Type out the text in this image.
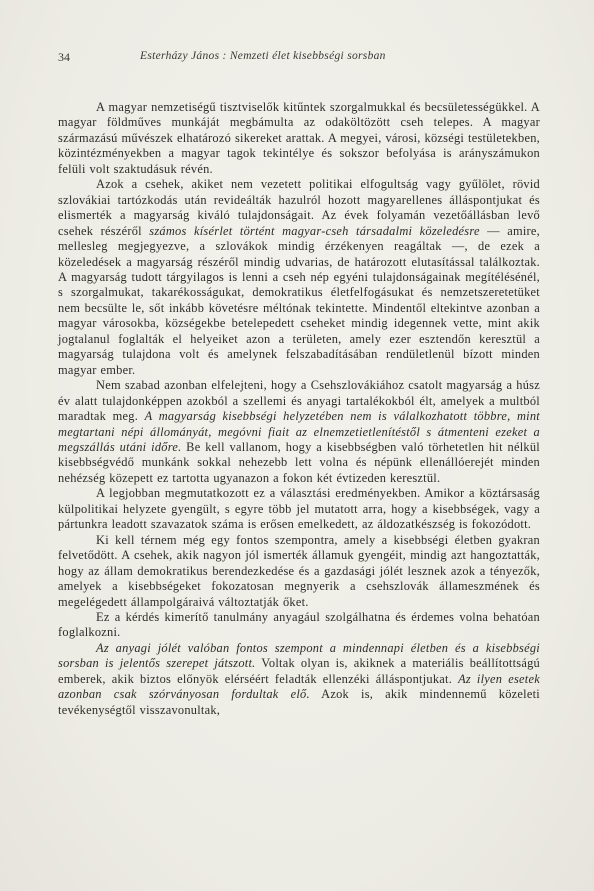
34	Esterházy János : Nemzeti élet kisebbségi sorsban

A magyar nemzetiségű tisztviselők kitűntek szorgalmukkal és becsületességükkel. A magyar földműves munkáját megbámulta az odaköltözött cseh telepes. A magyar származású művészek elhatározó sikereket arattak. A megyei, városi, községi testületekben, közintézményekben a magyar tagok tekintélye és sokszor befolyása is arányszámukon felüli volt szaktudásuk révén.

Azok a csehek, akiket nem vezetett politikai elfogultság vagy gyűlölet, rövid szlovákiai tartózkodás után revideálták hazulról hozott magyarellenes álláspontjukat és elismerték a magyarság kiváló tulajdonságait. Az évek folyamán vezetőállásban levő csehek részéről számos kísérlet történt magyar-cseh társadalmi közeledésre — amire, mellesleg megjegyezve, a szlovákok mindig érzékenyen reagáltak —, de ezek a közeledések a magyarság részéről mindig udvarias, de határozott elutasítással találkoztak. A magyarság tudott tárgyilagos is lenni a cseh nép egyéni tulajdonságainak megítélésénél, s szorgalmukat, takarékosságukat, demokratikus életfelfogásukat és nemzetszeretetüket nem becsülte le, sőt inkább követésre méltónak tekintette. Mindentől eltekintve azonban a magyar városokba, községekbe betelepedett cseheket mindig idegennek vette, mint akik jogtalanul foglalták el helyeiket azon a területen, amely ezer esztendőn keresztül a magyarság tulajdona volt és amelynek felszabadításában rendületlenül bízott minden magyar ember.

Nem szabad azonban elfelejteni, hogy a Csehszlovákiához csatolt magyarság a húsz év alatt tulajdonképpen azokból a szellemi és anyagi tartalékokból élt, amelyek a multból maradtak meg. A magyarság kisebbségi helyzetében nem is válalkozhatott többre, mint megtartani népi állományát, megóvni fiait az elnemzetietlenítéstől s átmenteni ezeket a megszállás utáni időre. Be kell vallanom, hogy a kisebbségben való törhetetlen hit nélkül kisebbségvédő munkánk sokkal nehezebb lett volna és népünk ellenállóerejét minden nehézség közepett ez tartotta ugyanazon a fokon két évtizeden keresztül.

A legjobban megmutatkozott ez a választási eredményekben. Amikor a köztársaság külpolitikai helyzete gyengült, s egyre több jel mutatott arra, hogy a kisebbségek, vagy a pártunkra leadott szavazatok száma is erősen emelkedett, az áldozatkészség is fokozódott.

Ki kell térnem még egy fontos szempontra, amely a kisebbségi életben gyakran felvetődött. A csehek, akik nagyon jól ismerték államuk gyengéit, mindig azt hangoztatták, hogy az állam demokratikus berendezkedése és a gazdasági jólét lesznek azok a tényezők, amelyek a kisebbségeket fokozatosan megnyerik a csehszlovák állameszmének és megelégedett állampolgáraivá változtatják őket.

Ez a kérdés kimerítő tanulmány anyagául szolgálhatna és érdemes volna behatóan foglalkozni.

Az anyagi jólét valóban fontos szempont a mindennapi életben és a kisebbségi sorsban is jelentős szerepet játszott. Voltak olyan is, akiknek a materiális beállítottságú emberek, akik biztos előnyök elérséért feladták ellenzéki álláspontjukat. Az ilyen esetek azonban csak szórványosan fordultak elő. Azok is, akik mindennemű közeleti tevékenységtől visszavonultak,
